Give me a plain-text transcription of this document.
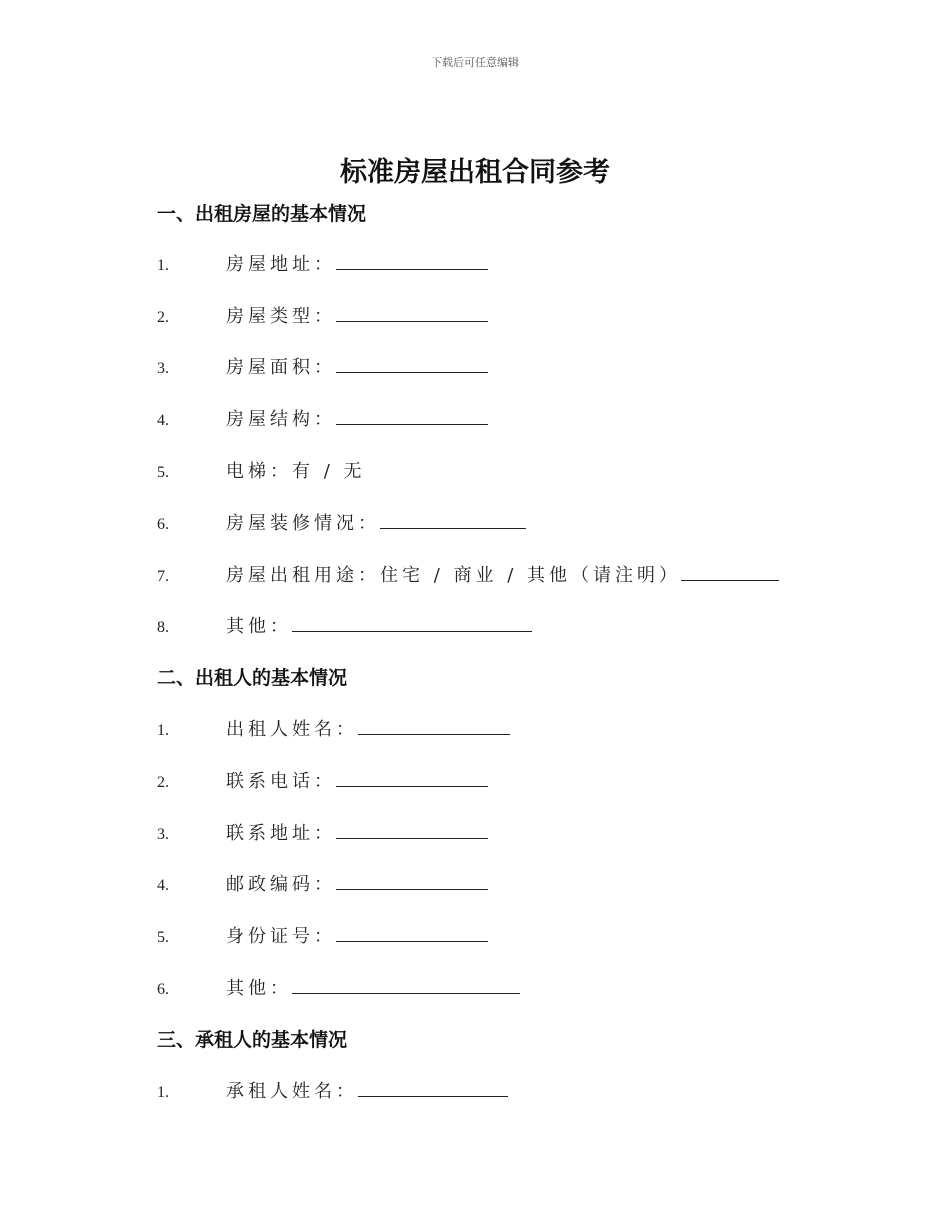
下载后可任意编辑
标准房屋出租合同参考
一、出租房屋的基本情况
1.	房屋地址：
2.	房屋类型：
3.	房屋面积：
4.	房屋结构：
5.	电梯：有 / 无
6.	房屋装修情况：
7.	房屋出租用途：住宅 / 商业 / 其他（请注明）
8.	其他：
二、出租人的基本情况
1.	出租人姓名：
2.	联系电话：
3.	联系地址：
4.	邮政编码：
5.	身份证号：
6.	其他：
三、承租人的基本情况
1.	承租人姓名：
